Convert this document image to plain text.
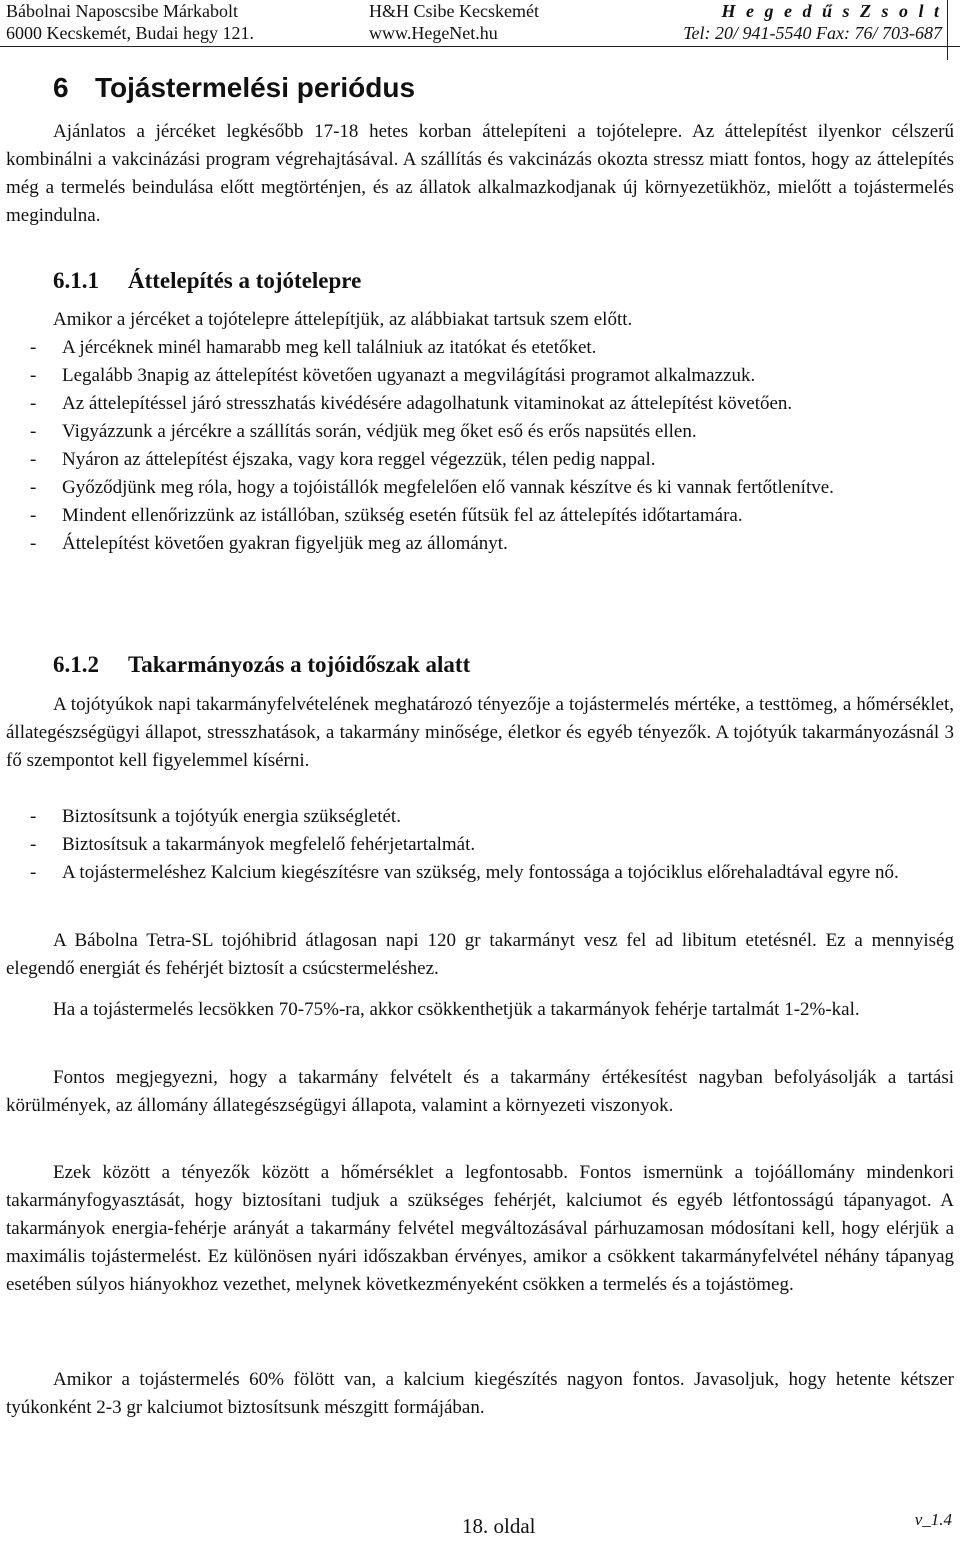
Bábolnai Naposcsibe Márkabolt
6000 Kecskemét, Budai hegy 121.
H&H Csibe Kecskemét
www.HegeNet.hu
H e g e d ű s Z s o l t
Tel: 20/ 941-5540 Fax: 76/ 703-687
6 Tojástermelési periódus

Ajánlatos a jércéket legkésőbb 17-18 hetes korban áttelepíteni a tojótelepre. Az áttelepítést ilyenkor célszerű kombinálni a vakcinázási program végrehajtásával. A szállítás és vakcinázás okozta stressz miatt fontos, hogy az áttelepítés még a termelés beindulása előtt megtörténjen, és az állatok alkalmazkodjanak új környezetükhöz, mielőtt a tojástermelés megindulna.

6.1.1 Áttelepítés a tojótelepre

Amikor a jércéket a tojótelepre áttelepítjük, az alábbiakat tartsuk szem előtt.

- A jércéknek minél hamarabb meg kell találniuk az itatókat és etetőket.
- Legalább 3napig az áttelepítést követően ugyanazt a megvilágítási programot alkalmazzuk.
- Az áttelepítéssel járó stresszhatás kivédésére adagolhatunk vitaminokat az áttelepítést követően.
- Vigyázzunk a jércékre a szállítás során, védjük meg őket eső és erős napsütés ellen.
- Nyáron az áttelepítést éjszaka, vagy kora reggel végezzük, télen pedig nappal.
- Győződjünk meg róla, hogy a tojóistállók megfelelően elő vannak készítve és ki vannak fertőtlenítve.
- Mindent ellenőrizzünk az istállóban, szükség esetén fűtsük fel az áttelepítés időtartamára.
- Áttelepítést követően gyakran figyeljük meg az állományt.
6.1.2 Takarmányozás a tojóidőszak alatt

A tojótyúkok napi takarmányfelvételének meghatározó tényezője a tojástermelés mértéke, a testtömeg, a hőmérséklet, állategészségügyi állapot, stresszhatások, a takarmány minősége, életkor és egyéb tényezők. A tojótyúk takarmányozásnál 3 fő szempontot kell figyelemmel kísérni.

- Biztosítsunk a tojótyúk energia szükségletét.
- Biztosítsuk a takarmányok megfelelő fehérjetartalmát.
- A tojástermeléshez Kalcium kiegészítésre van szükség, mely fontossága a tojóciklus előrehaladtával egyre nő.

A Bábolna Tetra-SL tojóhibrid átlagosan napi 120 gr takarmányt vesz fel ad libitum etetésnél. Ez a mennyiség elegendő energiát és fehérjét biztosít a csúcstermeléshez.

Ha a tojástermelés lecsökken 70-75%-ra, akkor csökkenthetjük a takarmányok fehérje tartalmát 1-2%-kal.

Fontos megjegyezni, hogy a takarmány felvételt és a takarmány értékesítést nagyban befolyásolják a tartási körülmények, az állomány állategészségügyi állapota, valamint a környezeti viszonyok.

Ezek között a tényezők között a hőmérséklet a legfontosabb. Fontos ismernünk a tojóállomány mindenkori takarmányfogyasztását, hogy biztosítani tudjuk a szükséges fehérjét, kalciumot és egyéb létfontosságú tápanyagot. A takarmányok energia-fehérje arányát a takarmány felvétel megváltozásával párhuzamosan módosítani kell, hogy elérjük a maximális tojástermelést. Ez különösen nyári időszakban érvényes, amikor a csökkent takarmányfelvétel néhány tápanyag esetében súlyos hiányokhoz vezethet, melynek következményeként csökken a termelés és a tojástömeg.

Amikor a tojástermelés 60% fölött van, a kalcium kiegészítés nagyon fontos. Javasoljuk, hogy hetente kétszer tyúkonként 2-3 gr kalciumot biztosítsunk mészgitt formájában.

18. oldal	v_1.4
